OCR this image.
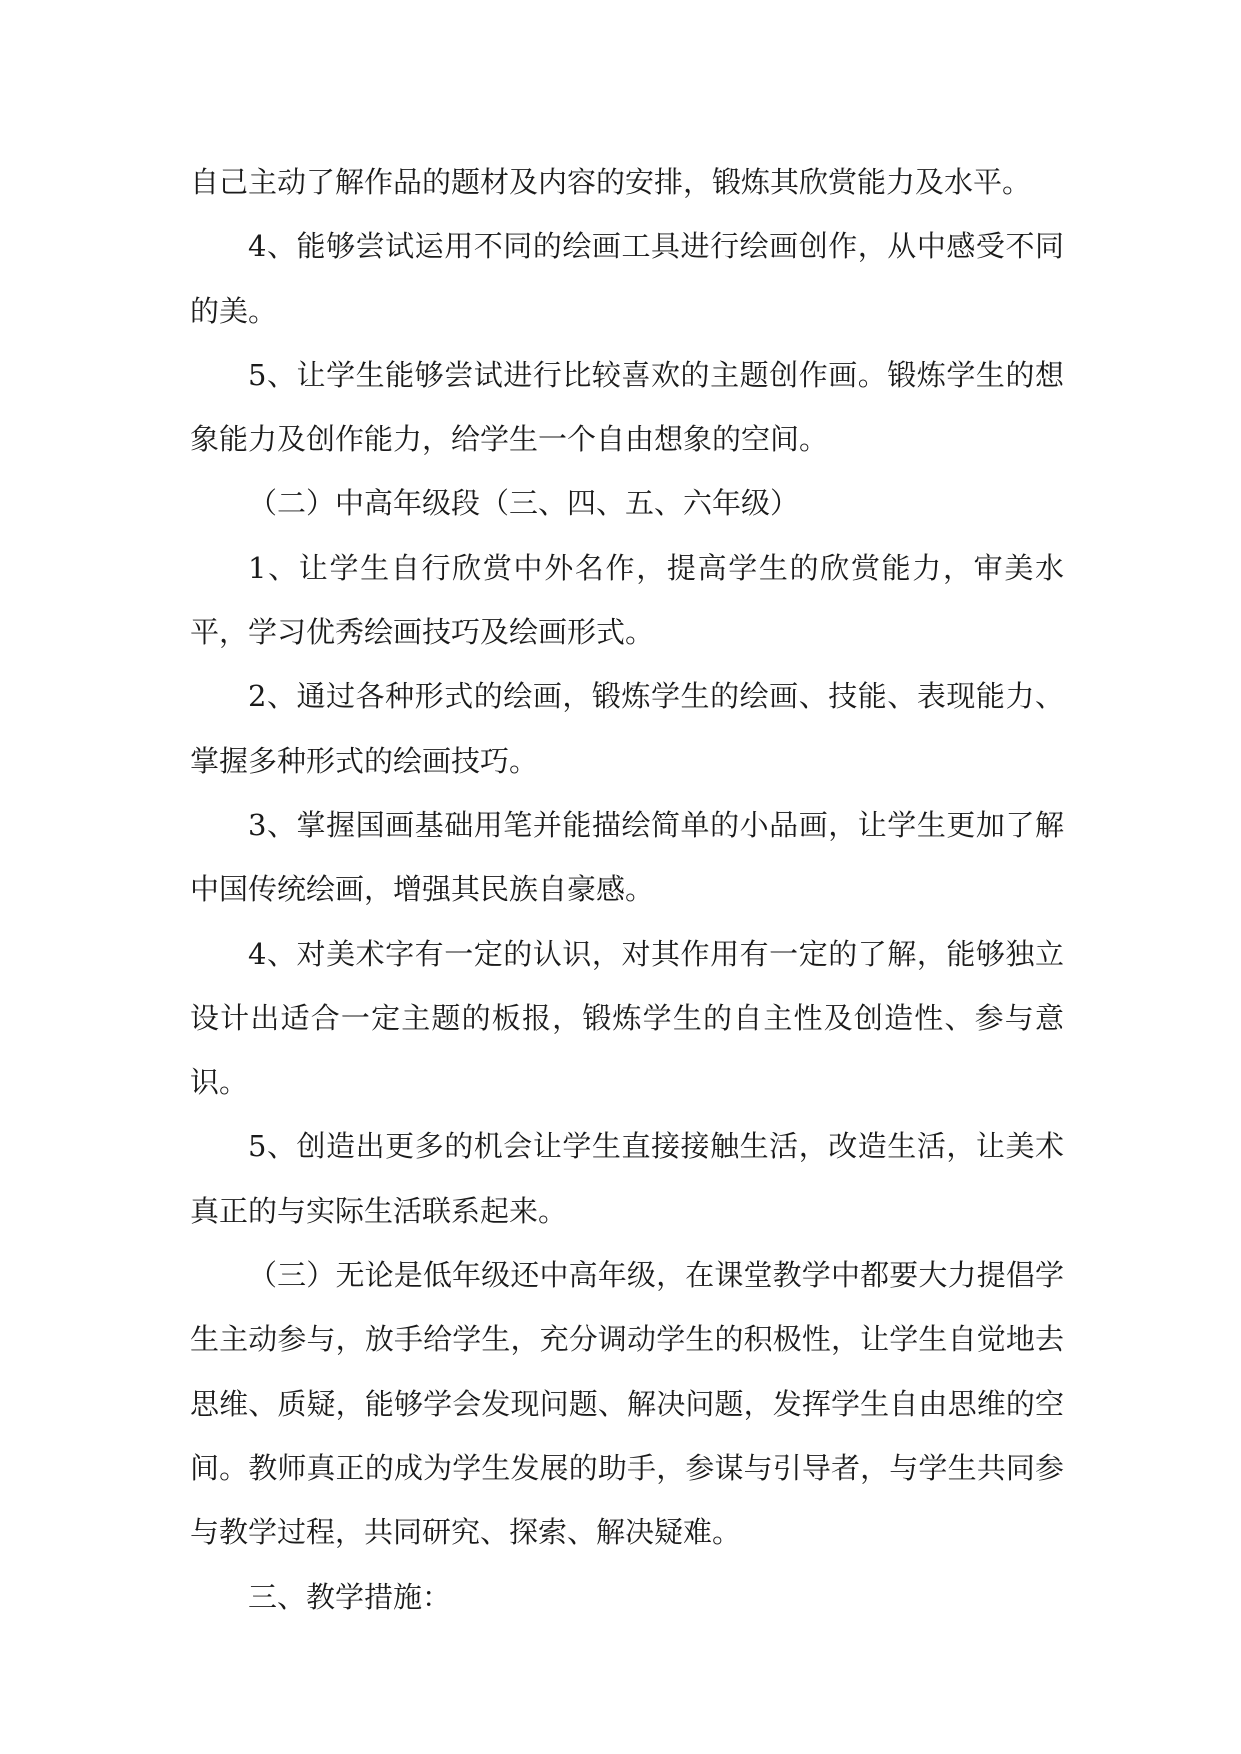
自己主动了解作品的题材及内容的安排，锻炼其欣赏能力及水平。

4、能够尝试运用不同的绘画工具进行绘画创作，从中感受不同的美。

5、让学生能够尝试进行比较喜欢的主题创作画。锻炼学生的想象能力及创作能力，给学生一个自由想象的空间。

（二）中高年级段（三、四、五、六年级）

1、让学生自行欣赏中外名作，提高学生的欣赏能力，审美水平，学习优秀绘画技巧及绘画形式。

2、通过各种形式的绘画，锻炼学生的绘画、技能、表现能力、掌握多种形式的绘画技巧。

3、掌握国画基础用笔并能描绘简单的小品画，让学生更加了解中国传统绘画，增强其民族自豪感。

4、对美术字有一定的认识，对其作用有一定的了解，能够独立设计出适合一定主题的板报，锻炼学生的自主性及创造性、参与意识。

5、创造出更多的机会让学生直接接触生活，改造生活，让美术真正的与实际生活联系起来。

（三）无论是低年级还中高年级，在课堂教学中都要大力提倡学生主动参与，放手给学生，充分调动学生的积极性，让学生自觉地去思维、质疑，能够学会发现问题、解决问题，发挥学生自由思维的空间。教师真正的成为学生发展的助手，参谋与引导者，与学生共同参与教学过程，共同研究、探索、解决疑难。

三、教学措施：
